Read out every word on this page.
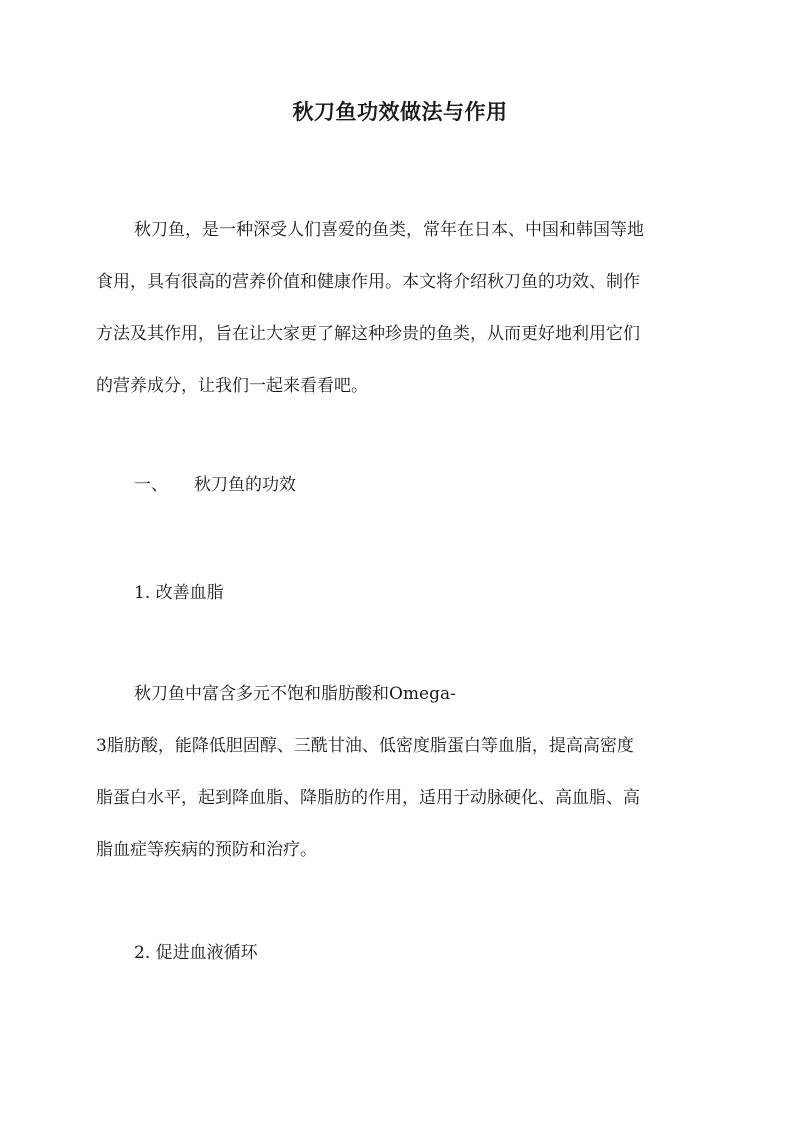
秋刀鱼功效做法与作用
秋刀鱼，是一种深受人们喜爱的鱼类，常年在日本、中国和韩国等地
食用，具有很高的营养价值和健康作用。本文将介绍秋刀鱼的功效、制作
方法及其作用，旨在让大家更了解这种珍贵的鱼类，从而更好地利用它们
的营养成分，让我们一起来看看吧。
一、 秋刀鱼的功效
1. 改善血脂
秋刀鱼中富含多元不饱和脂肪酸和Omega-
3脂肪酸，能降低胆固醇、三酰甘油、低密度脂蛋白等血脂，提高高密度
脂蛋白水平，起到降血脂、降脂肪的作用，适用于动脉硬化、高血脂、高
脂血症等疾病的预防和治疗。
2. 促进血液循环
